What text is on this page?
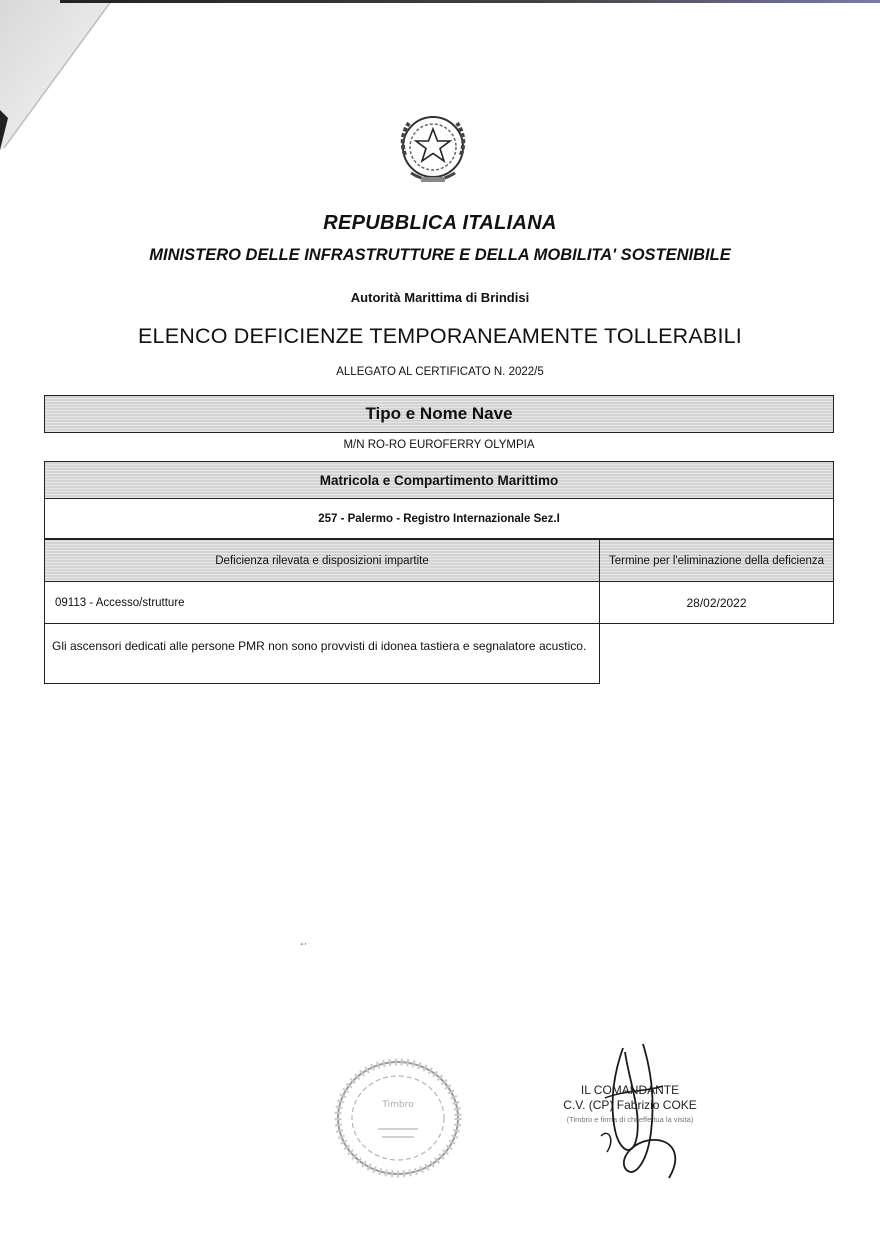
REPUBBLICA ITALIANA
MINISTERO DELLE INFRASTRUTTURE E DELLA MOBILITA' SOSTENIBILE
Autorità Marittima di Brindisi
ELENCO DEFICIENZE TEMPORANEAMENTE TOLLERABILI
ALLEGATO AL CERTIFICATO N. 2022/5
Tipo e Nome Nave
M/N RO-RO EUROFERRY OLYMPIA
Matricola e Compartimento Marittimo
257 - Palermo - Registro Internazionale Sez.I
Deficienza rilevata e disposizioni impartite	Termine per l'eliminazione della deficienza
09113 - Accesso/strutture	28/02/2022
Gli ascensori dedicati alle persone PMR non sono provvisti di idonea tastiera e segnalatore acustico.
-·
Timbro
IL COMANDANTE
C.V. (CP) Fabrizio COKE
(Timbro e firma di chi effettua la visita)
